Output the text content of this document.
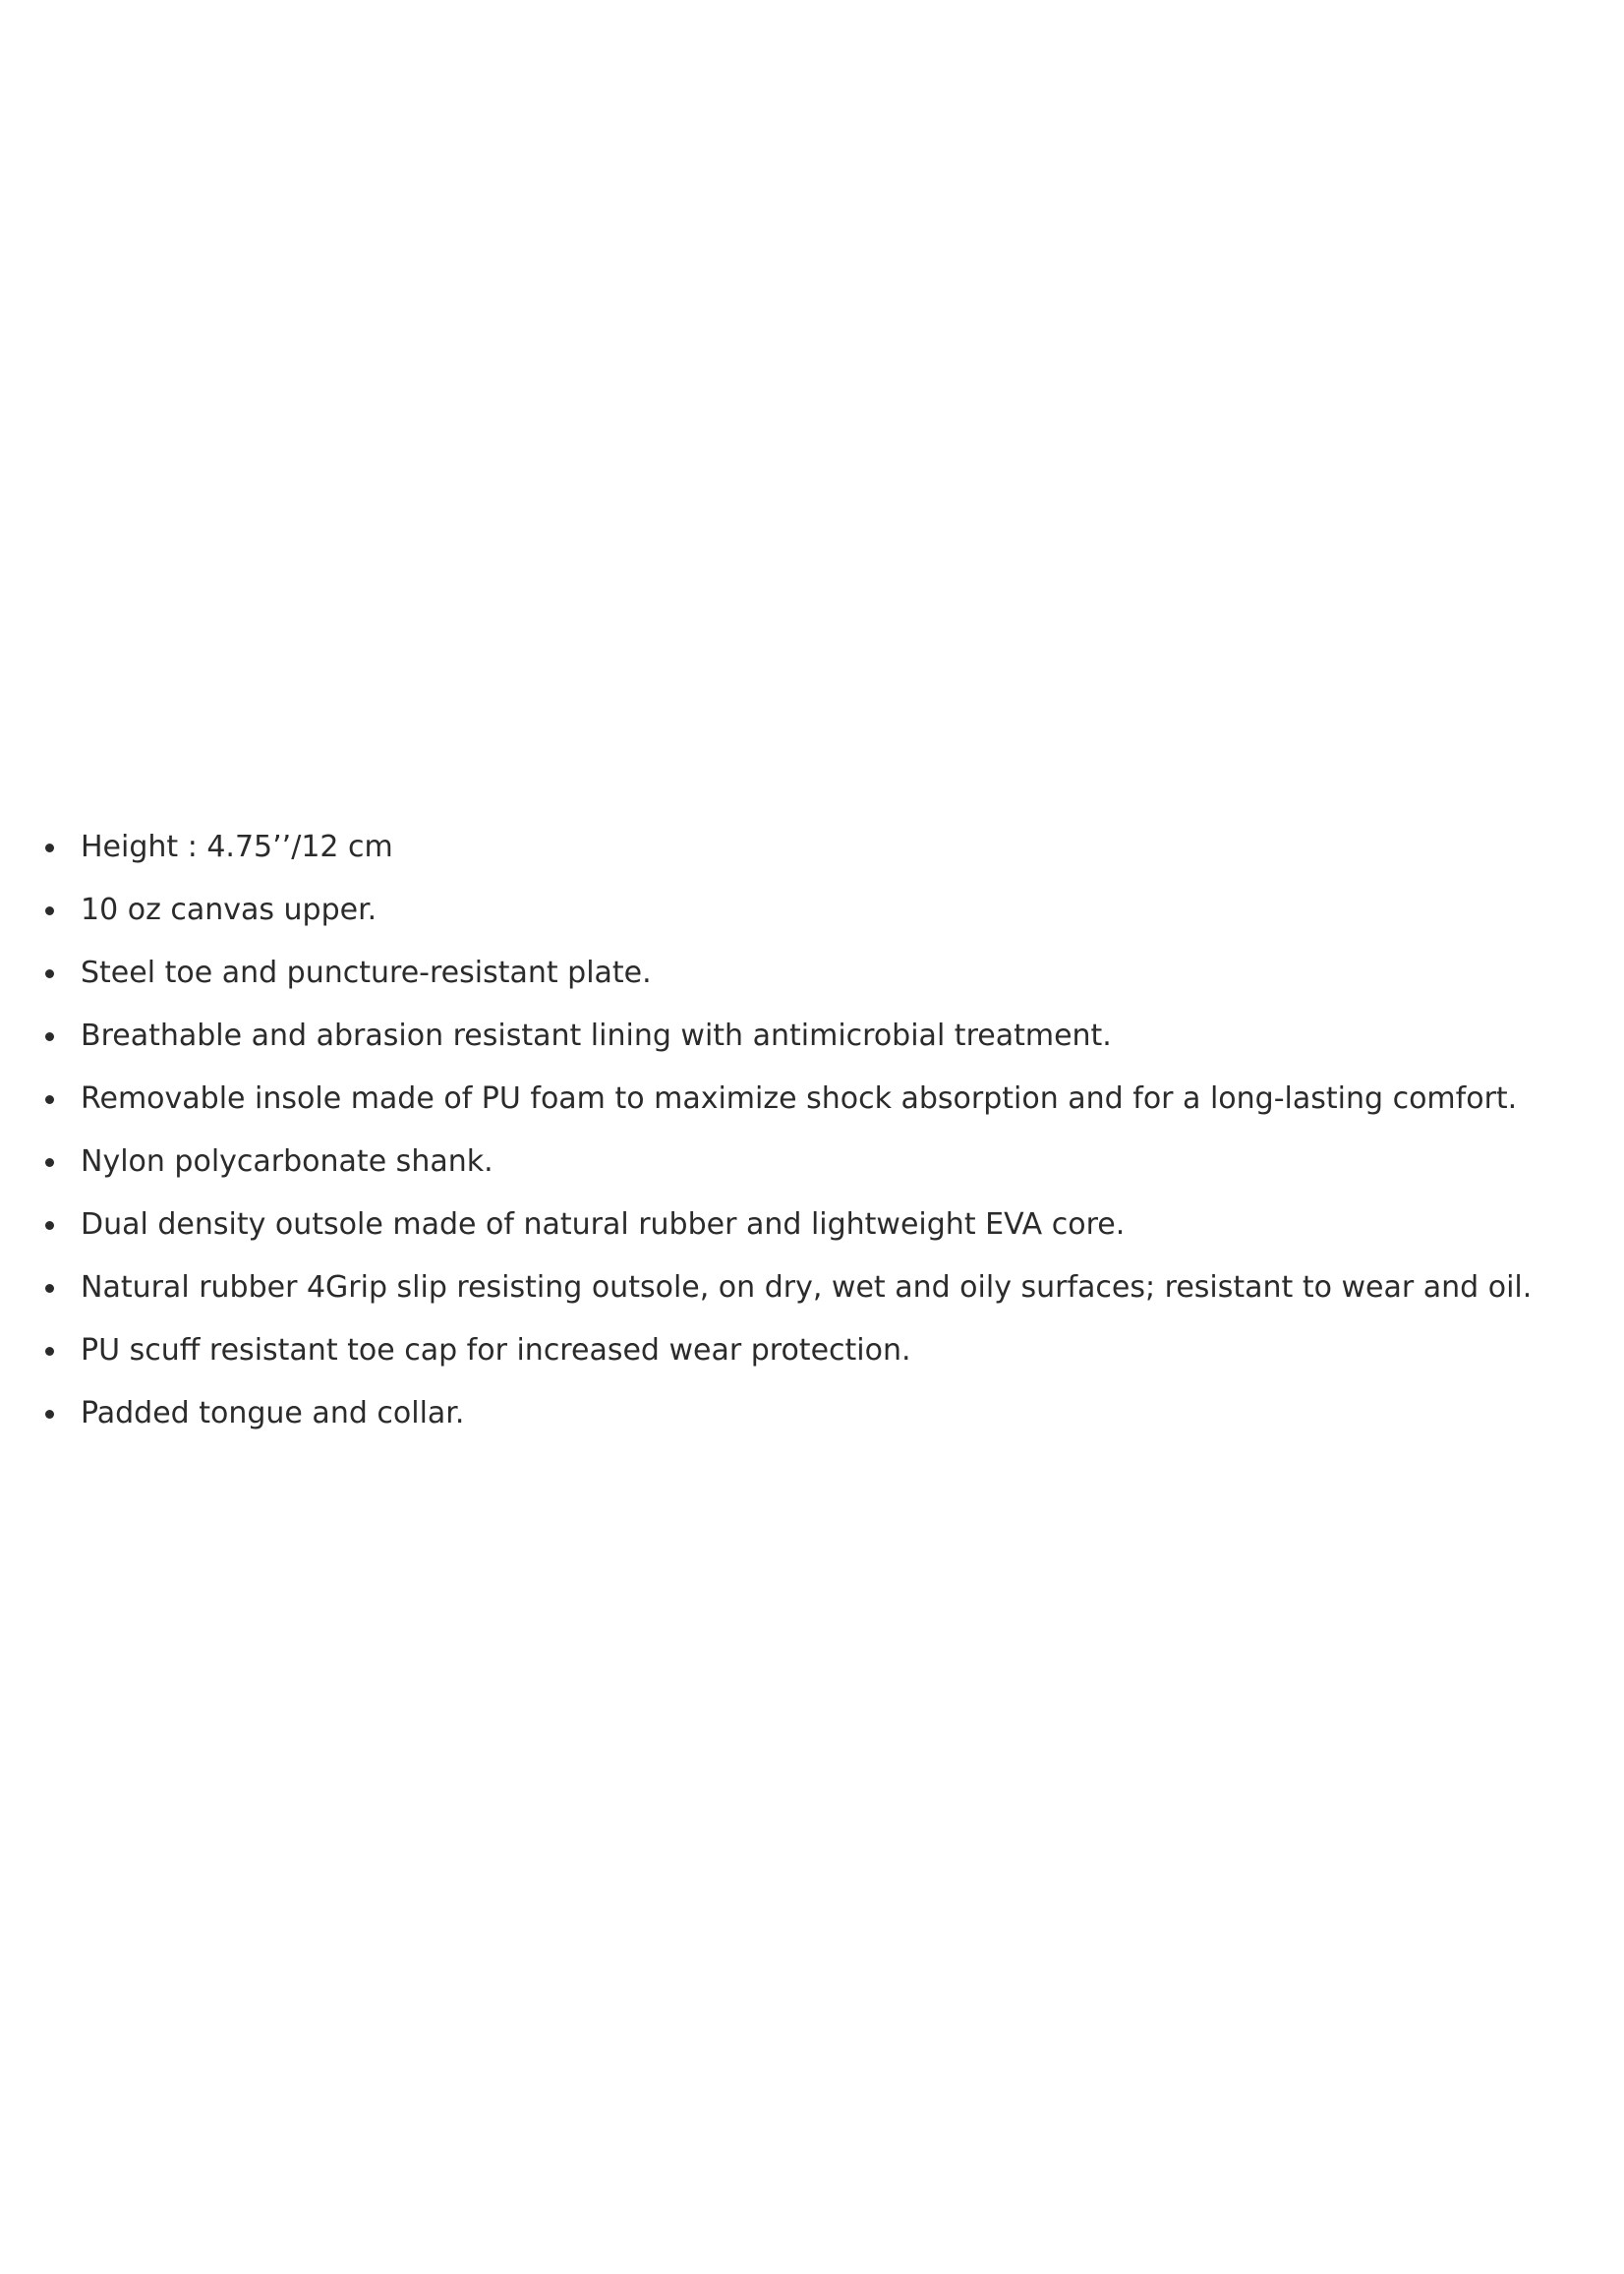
Height : 4.75’’/12 cm
10 oz canvas upper.
Steel toe and puncture-resistant plate.
Breathable and abrasion resistant lining with antimicrobial treatment.
Removable insole made of PU foam to maximize shock absorption and for a long-lasting comfort.
Nylon polycarbonate shank.
Dual density outsole made of natural rubber and lightweight EVA core.
Natural rubber 4Grip slip resisting outsole, on dry, wet and oily surfaces; resistant to wear and oil.
PU scuff resistant toe cap for increased wear protection.
Padded tongue and collar.
